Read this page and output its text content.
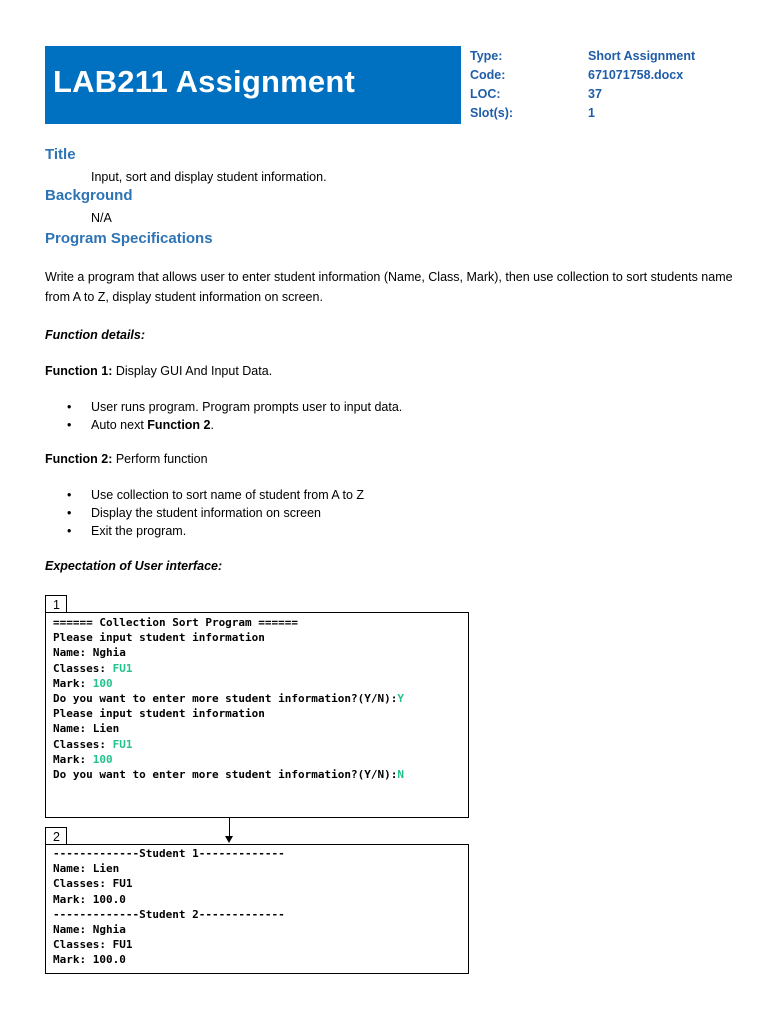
LAB211 Assignment
Type:	Short Assignment
Code:	671071758.docx
LOC:	37
Slot(s):	1
Title
Input, sort and display student information.
Background
N/A
Program Specifications
Write a program that allows user to enter student information (Name, Class, Mark), then use collection to sort students name from A to Z, display student information on screen.
Function details:
Function 1: Display GUI And Input Data.
• User runs program. Program prompts user to input data.
• Auto next Function 2.
Function 2: Perform function
• Use collection to sort name of student from A to Z
• Display the student information on screen
• Exit the program.
Expectation of User interface:
1
====== Collection Sort Program ======
Please input student information
Name: Nghia
Classes: FU1
Mark: 100
Do you want to enter more student information?(Y/N):Y
Please input student information
Name: Lien
Classes: FU1
Mark: 100
Do you want to enter more student information?(Y/N):N
2
-------------Student 1-------------
Name: Lien
Classes: FU1
Mark: 100.0
-------------Student 2-------------
Name: Nghia
Classes: FU1
Mark: 100.0
